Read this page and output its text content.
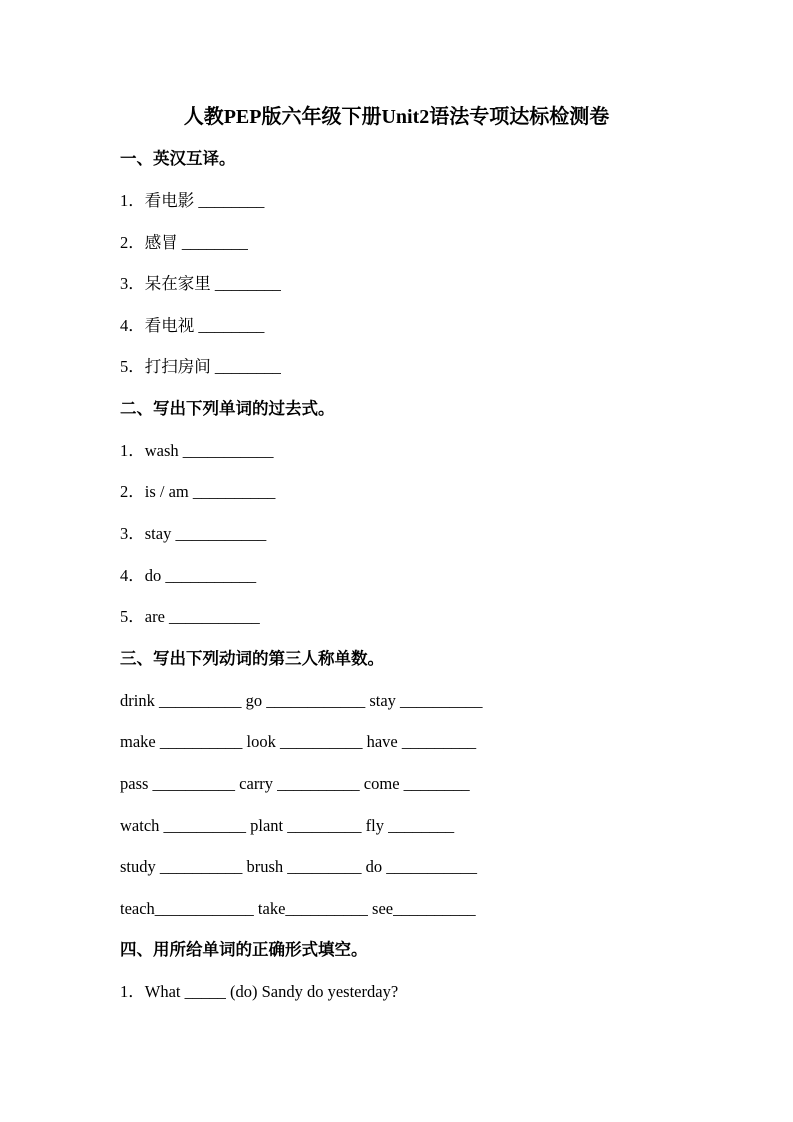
人教PEP版六年级下册Unit2语法专项达标检测卷
一、英汉互译。
1．看电影 ________
2．感冒 ________
3．呆在家里 ________
4．看电视 ________
5．打扫房间 ________
二、写出下列单词的过去式。
1．wash ___________
2．is / am __________
3．stay ___________
4．do ___________
5．are ___________
三、写出下列动词的第三人称单数。
drink __________ go ____________ stay __________
make __________ look __________ have _________
pass __________ carry __________ come ________
watch __________ plant _________ fly ________
study __________ brush _________ do ___________
teach____________ take__________ see__________
四、用所给单词的正确形式填空。
1．What _____ (do) Sandy do yesterday?
